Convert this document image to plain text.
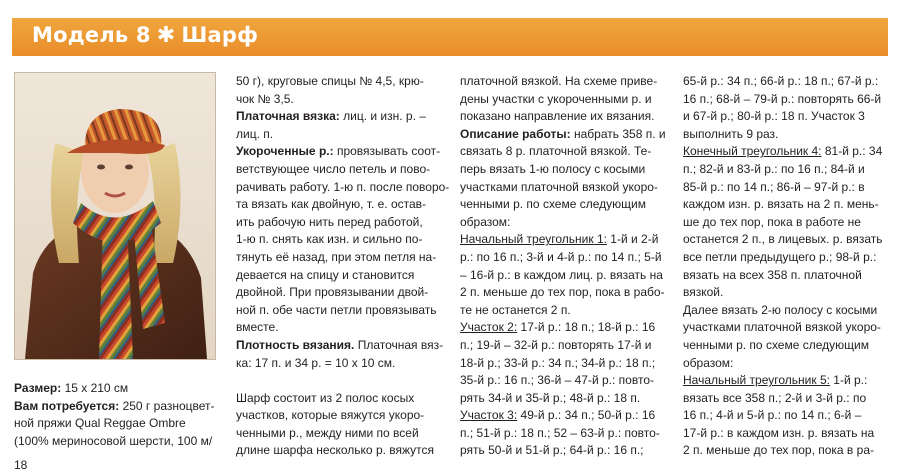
Модель 8 ✱ Шарф

Размер: 15 х 210 см

Вам потребуется: 250 г разноцвет-

ной пряжи Qual Reggae Ombre

(100% мериносовой шерсти, 100 м/

50 г), круговые спицы № 4,5, крю-

чок № 3,5.

Платочная вязка: лиц. и изн. р. –

лиц. п.

Укороченные р.: провязывать соот-

ветствующее число петель и пово-

рачивать работу. 1-ю п. после поворо-

та вязать как двойную, т. е. остав-

ить рабочую нить перед работой,

1-ю п. снять как изн. и сильно по-

тянуть её назад, при этом петля на-

девается на спицу и становится

двойной. При провязывании двой-

ной п. обе части петли провязывать

вместе.

Плотность вязания. Платочная вяз-

ка: 17 п. и 34 р. = 10 х 10 см.

Шарф состоит из 2 полос косых

участков, которые вяжутся укоро-

ченными р., между ними по всей

длине шарфа несколько р. вяжутся

платочной вязкой. На схеме приве-

дены участки с укороченными р. и

показано направление их вязания.

Описание работы: набрать 358 п. и

связать 8 р. платочной вязкой. Те-

перь вязать 1-ю полосу с косыми

участками платочной вязкой укоро-

ченными р. по схеме следующим

образом:

Начальный треугольник 1: 1-й и 2-й

р.: по 16 п.; 3-й и 4-й р.: по 14 п.; 5-й

– 16-й р.: в каждом лиц. р. вязать на

2 п. меньше до тех пор, пока в рабо-

те не останется 2 п.

Участок 2: 17-й р.: 18 п.; 18-й р.: 16

п.; 19-й – 32-й р.: повторять 17-й и

18-й р.; 33-й р.: 34 п.; 34-й р.: 18 п.;

35-й р.: 16 п.; 36-й – 47-й р.: повто-

рять 34-й и 35-й р.; 48-й р.: 18 п.

Участок 3: 49-й р.: 34 п.; 50-й р.: 16

п.; 51-й р.: 18 п.; 52 – 63-й р.: повто-

рять 50-й и 51-й р.; 64-й р.: 16 п.;

65-й р.: 34 п.; 66-й р.: 18 п.; 67-й р.:

16 п.; 68-й – 79-й р.: повторять 66-й

и 67-й р.; 80-й р.: 18 п. Участок 3

выполнить 9 раз.

Конечный треугольник 4: 81-й р.: 34

п.; 82-й и 83-й р.: по 16 п.; 84-й и

85-й р.: по 14 п.; 86-й – 97-й р.: в

каждом изн. р. вязать на 2 п. мень-

ше до тех пор, пока в работе не

останется 2 п., в лицевых. р. вязать

все петли предыдущего р.; 98-й р.:

вязать на всех 358 п. платочной

вязкой.

Далее вязать 2-ю полосу с косыми

участками платочной вязкой укоро-

ченными р. по схеме следующим

образом:

Начальный треугольник 5: 1-й р.:

вязать все 358 п.; 2-й и 3-й р.: по

16 п.; 4-й и 5-й р.: по 14 п.; 6-й –

17-й р.: в каждом изн. р. вязать на

2 п. меньше до тех пор, пока в ра-

18
